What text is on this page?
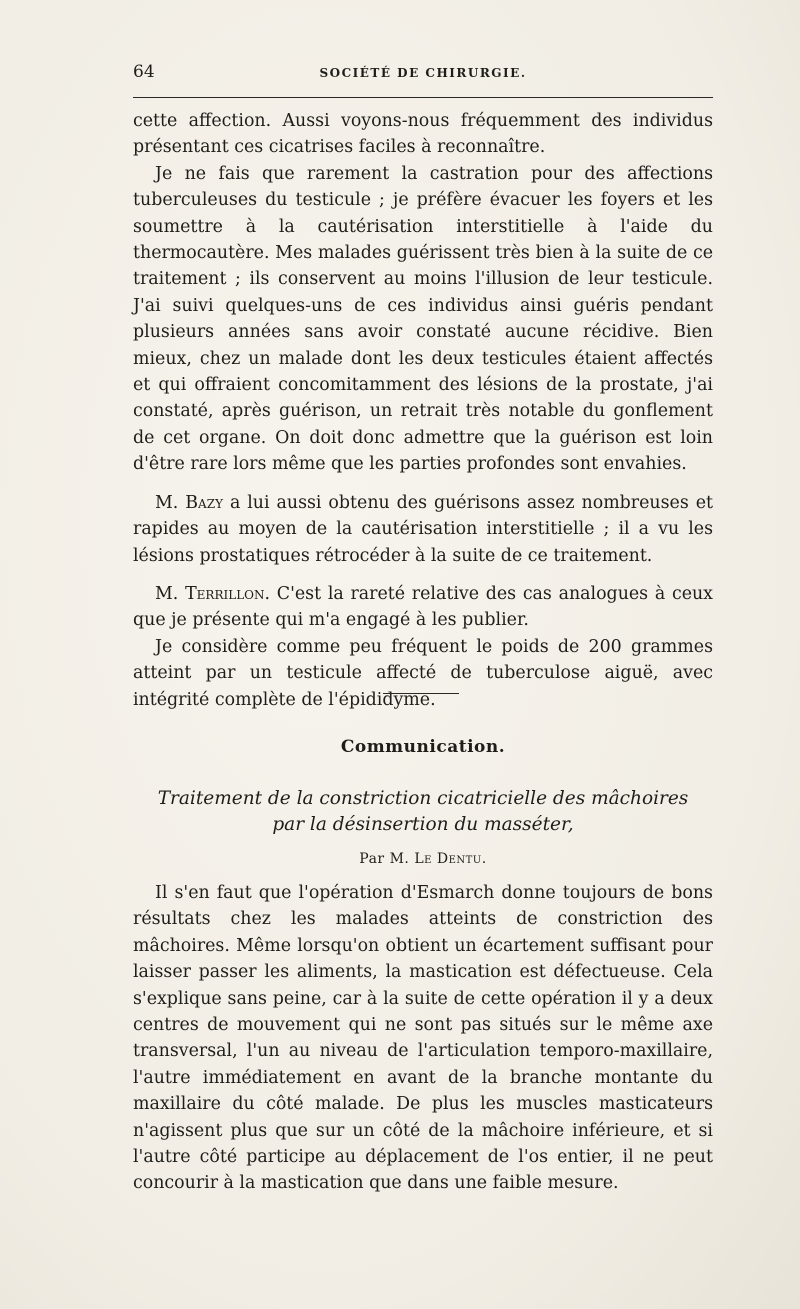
64	SOCIÉTÉ DE CHIRURGIE.

cette affection. Aussi voyons-nous fréquemment des individus présentant ces cicatrises faciles à reconnaître.

Je ne fais que rarement la castration pour des affections tuberculeuses du testicule ; je préfère évacuer les foyers et les soumettre à la cautérisation interstitielle à l'aide du thermocautère. Mes malades guérissent très bien à la suite de ce traitement ; ils conservent au moins l'illusion de leur testicule. J'ai suivi quelques-uns de ces individus ainsi guéris pendant plusieurs années sans avoir constaté aucune récidive. Bien mieux, chez un malade dont les deux testicules étaient affectés et qui offraient concomitamment des lésions de la prostate, j'ai constaté, après guérison, un retrait très notable du gonflement de cet organe. On doit donc admettre que la guérison est loin d'être rare lors même que les parties profondes sont envahies.

M. Bazy a lui aussi obtenu des guérisons assez nombreuses et rapides au moyen de la cautérisation interstitielle ; il a vu les lésions prostatiques rétrocéder à la suite de ce traitement.

M. Terrillon. C'est la rareté relative des cas analogues à ceux que je présente qui m'a engagé à les publier.

Je considère comme peu fréquent le poids de 200 grammes atteint par un testicule affecté de tuberculose aiguë, avec intégrité complète de l'épididyme.

Communication.
Traitement de la constriction cicatricielle des mâchoires
par la désinsertion du masséter,
Par M. Le Dentu.

Il s'en faut que l'opération d'Esmarch donne toujours de bons résultats chez les malades atteints de constriction des mâchoires. Même lorsqu'on obtient un écartement suffisant pour laisser passer les aliments, la mastication est défectueuse. Cela s'explique sans peine, car à la suite de cette opération il y a deux centres de mouvement qui ne sont pas situés sur le même axe transversal, l'un au niveau de l'articulation temporo-maxillaire, l'autre immédiatement en avant de la branche montante du maxillaire du côté malade. De plus les muscles masticateurs n'agissent plus que sur un côté de la mâchoire inférieure, et si l'autre côté participe au déplacement de l'os entier, il ne peut concourir à la mastication que dans une faible mesure.
